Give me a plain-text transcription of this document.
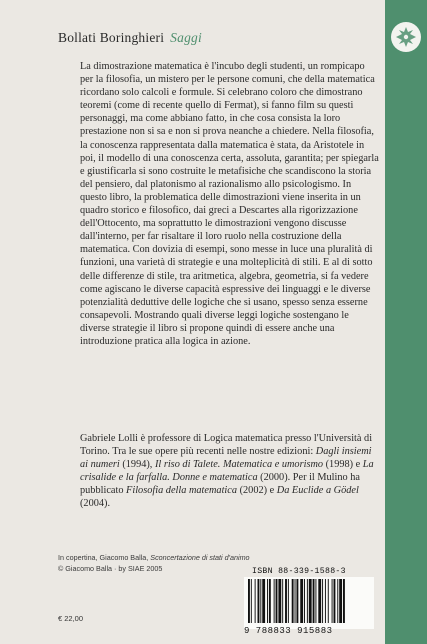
Bollati Boringhieri Saggi

La dimostrazione matematica è l'incubo degli studenti, un rompicapo per la filosofia, un mistero per le persone comuni, che della matematica ricordano solo calcoli e formule. Si celebrano coloro che dimostrano teoremi (come di recente quello di Fermat), si fanno film su questi personaggi, ma come abbiano fatto, in che cosa consista la loro prestazione non si sa e non si prova neanche a chiedere. Nella filosofia, la conoscenza rappresentata dalla matematica è stata, da Aristotele in poi, il modello di una conoscenza certa, assoluta, garantita; per spiegarla e giustificarla si sono costruite le metafisiche che scandiscono la storia del pensiero, dal platonismo al razionalismo allo psicologismo. In questo libro, la problematica delle dimostrazioni viene inserita in un quadro storico e filosofico, dai greci a Descartes alla rigorizzazione dell'Ottocento, ma soprattutto le dimostrazioni vengono discusse dall'interno, per far risaltare il loro ruolo nella costruzione della matematica. Con dovizia di esempi, sono messe in luce una pluralità di funzioni, una varietà di strategie e una molteplicità di stili. E al di sotto delle differenze di stile, tra aritmetica, algebra, geometria, si fa vedere come agiscano le diverse capacità espressive dei linguaggi e le diverse potenzialità deduttive delle logiche che si usano, spesso senza esserne consapevoli. Mostrando quali diverse leggi logiche sostengano le diverse strategie il libro si propone quindi di essere anche una introduzione pratica alla logica in azione.

Gabriele Lolli è professore di Logica matematica presso l'Università di Torino. Tra le sue opere più recenti nelle nostre edizioni: Dagli insiemi ai numeri (1994), Il riso di Talete. Matematica e umorismo (1998) e La crisalide e la farfalla. Donne e matematica (2000). Per il Mulino ha pubblicato Filosofia della matematica (2002) e Da Euclide a Gödel (2004).

In copertina, Giacomo Balla, Sconcertazione di stati d'animo
© Giacomo Balla · by SIAE 2005
€ 22,00
ISBN 88-339-1588-3
9 788833 915883
